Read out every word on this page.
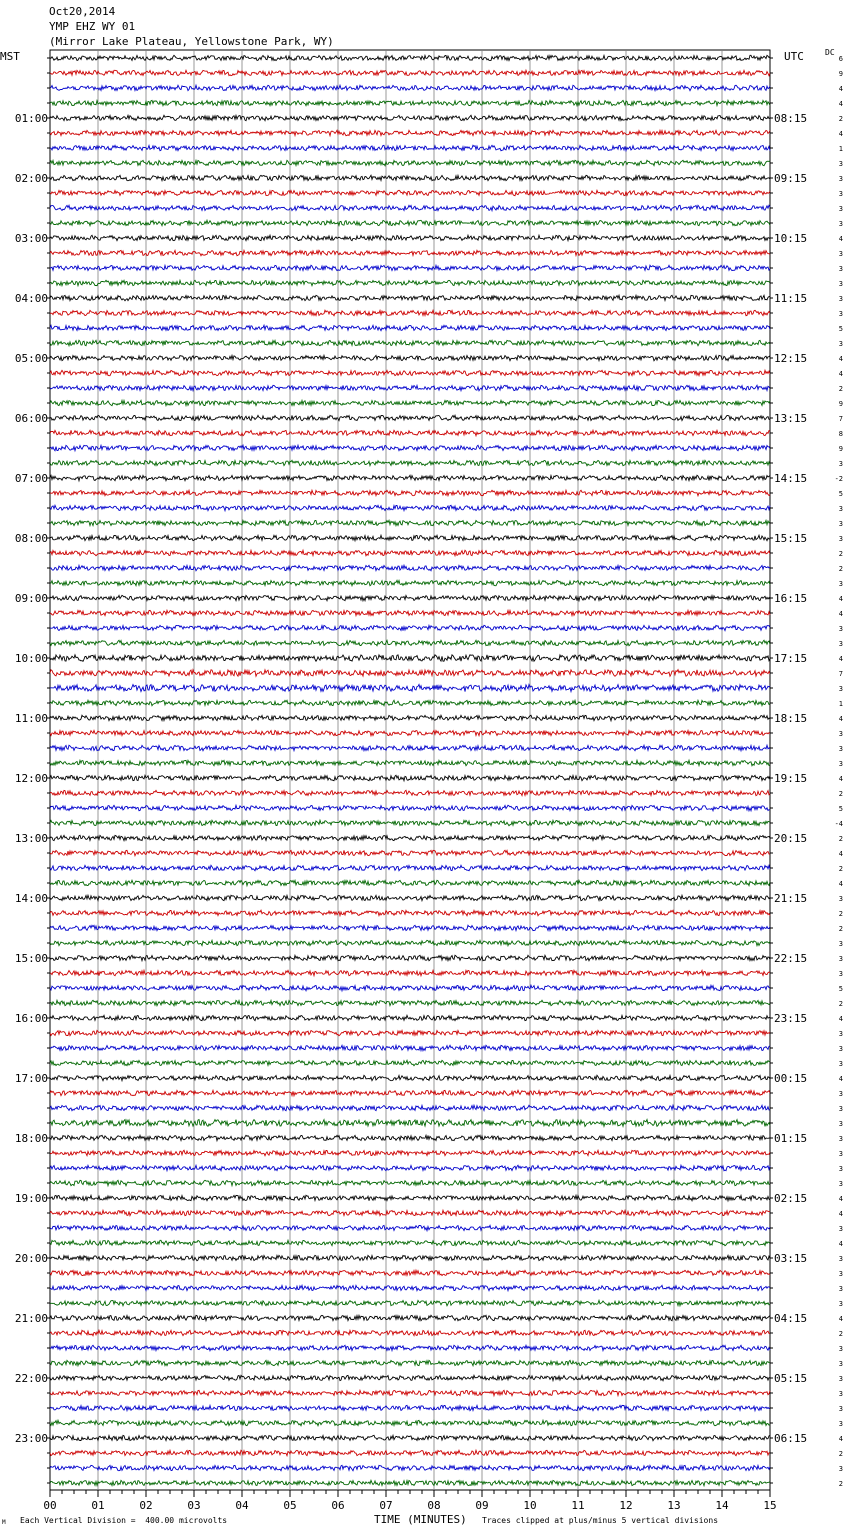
Oct20,2014
YMP EHZ WY 01
(Mirror Lake Plateau, Yellowstone Park, WY)
MST	UTC	DC
00	01	02	03	04	05	06	07	08	09	10	11	12	13	14	15
6
9
4
4
2
4
1
3
3
3
3
3
4
3
3
3
3
3
5
3
4
4
2
9
7
8
9
3
-2
5
3
3
3
2
2
3
4
4
3
3
4
7
3
1
4
3
3
3
4
2
5
-4
2
4
2
4
3
2
2
3
3
3
5
2
4
3
3
3
4
3
3
3
3
3
3
3
4
4
3
4
3
3
3
3
4
2
3
3
3
3
3
3
4
2
3
2
01:00	08:15
02:00	09:15
03:00	10:15
04:00	11:15
05:00	12:15
06:00	13:15
07:00	14:15
08:00	15:15
09:00	16:15
10:00	17:15
11:00	18:15
12:00	19:15
13:00	20:15
14:00	21:15
15:00	22:15
16:00	23:15
17:00	00:15
18:00	01:15
19:00	02:15
20:00	03:15
21:00	04:15
22:00	05:15
23:00	06:15
M Each Vertical Division =  400.00 microvolts	TIME (MINUTES) Traces clipped at plus/minus 5 vertical divisions
